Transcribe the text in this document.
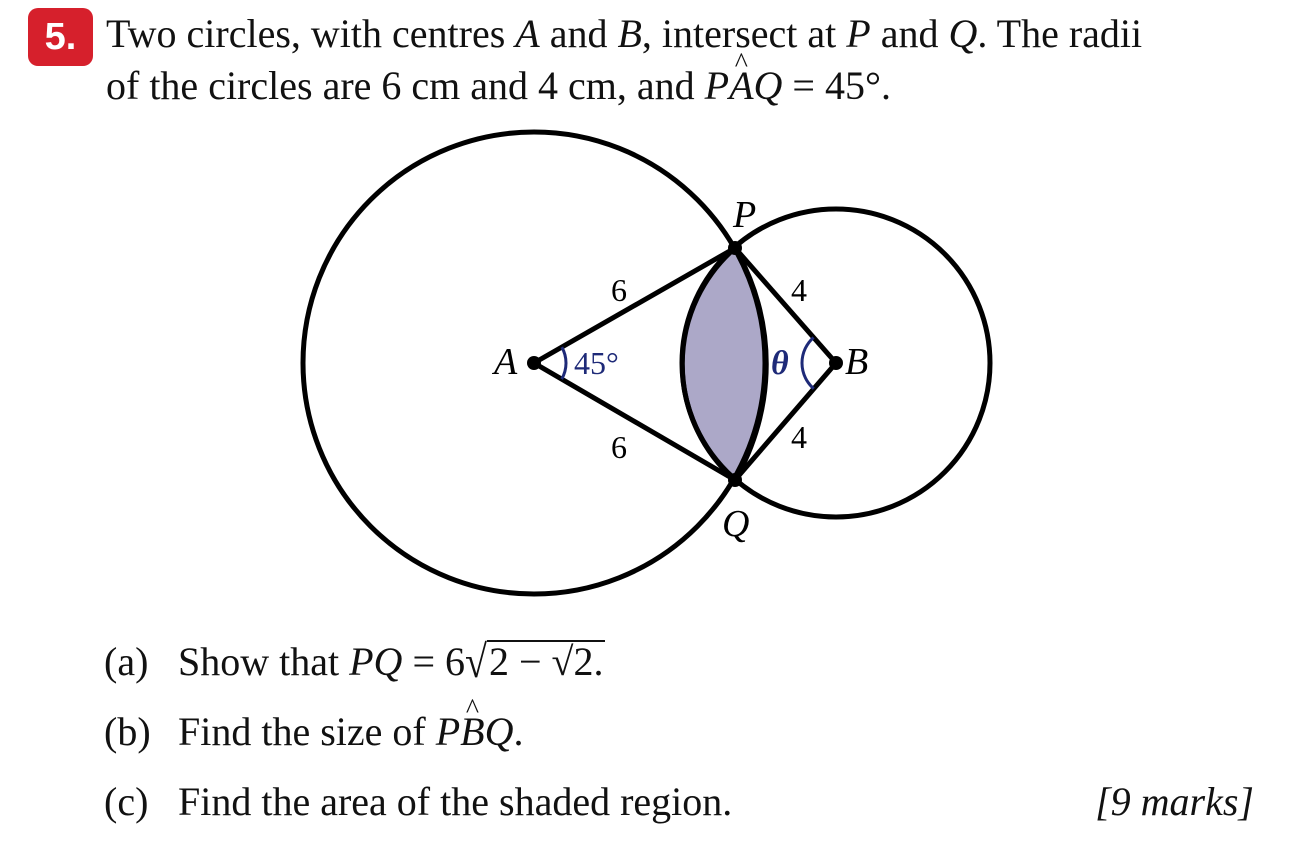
5. Two circles, with centres A and B, intersect at P and Q. The radii
of the circles are 6 cm and 4 cm, and PA ^Q = 45°.
A	B
P
Q
6
6
4
4
45°	θ
(a) Show that PQ = 6√2 − √2.
(b) Find the size of PB ^Q.
(c) Find the area of the shaded region.	[9 marks]
